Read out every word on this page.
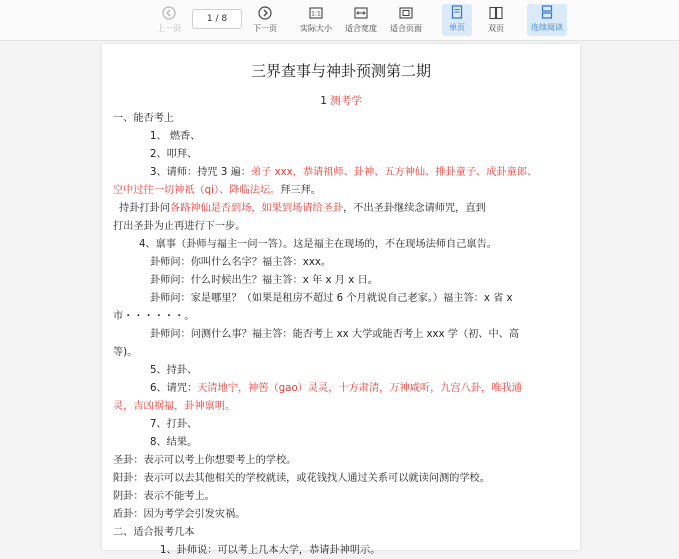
上一页
1 / 8
下一页
1:1
实际大小 适合宽度 适合页面	单页	双页	连续阅读
三界查事与神卦预测第二期
1 测考学
一、能否考上
1、 燃香、
2、叩拜、
3、请师：持咒 3 遍：弟子 xxx，恭请祖师、卦神、五方神仙、排卦童子、成卦童郎、
空中过往一切神祇（qi）、降临法坛。拜三拜。
持卦打卦问各路神仙是否到场，如果到场请给圣卦，不出圣卦继续念请师咒，直到
打出圣卦为止再进行下一步。
4、禀事（卦师与福主一问一答）。这是福主在现场的，不在现场法师自己禀告。
卦师问：你叫什么名字？福主答：xxx。
卦师问：什么时候出生？福主答：x 年 x 月 x 日。
卦师问：家是哪里？（如果是租房不超过 6 个月就说自己老家。）福主答：x 省 x
市・・・・・・。
卦师问：问测什么事？福主答：能否考上 xx 大学或能否考上 xxx 学（初、中、高
等)。
5、持卦、
6、请咒：天清地宁，神筶（gao）灵灵，十方肃清，万神咸听，九宫八卦，唯我通
灵，吉凶祸福，卦神禀明。
7、打卦、
8、结果。
圣卦：表示可以考上你想要考上的学校。
阳卦：表示可以去其他相关的学校就读，或花钱找人通过关系可以就读问测的学校。
阴卦：表示不能考上。
盾卦：因为考学会引发灾祸。
二、适合报考几本
1、卦师说：可以考上几本大学，恭请卦神明示。
